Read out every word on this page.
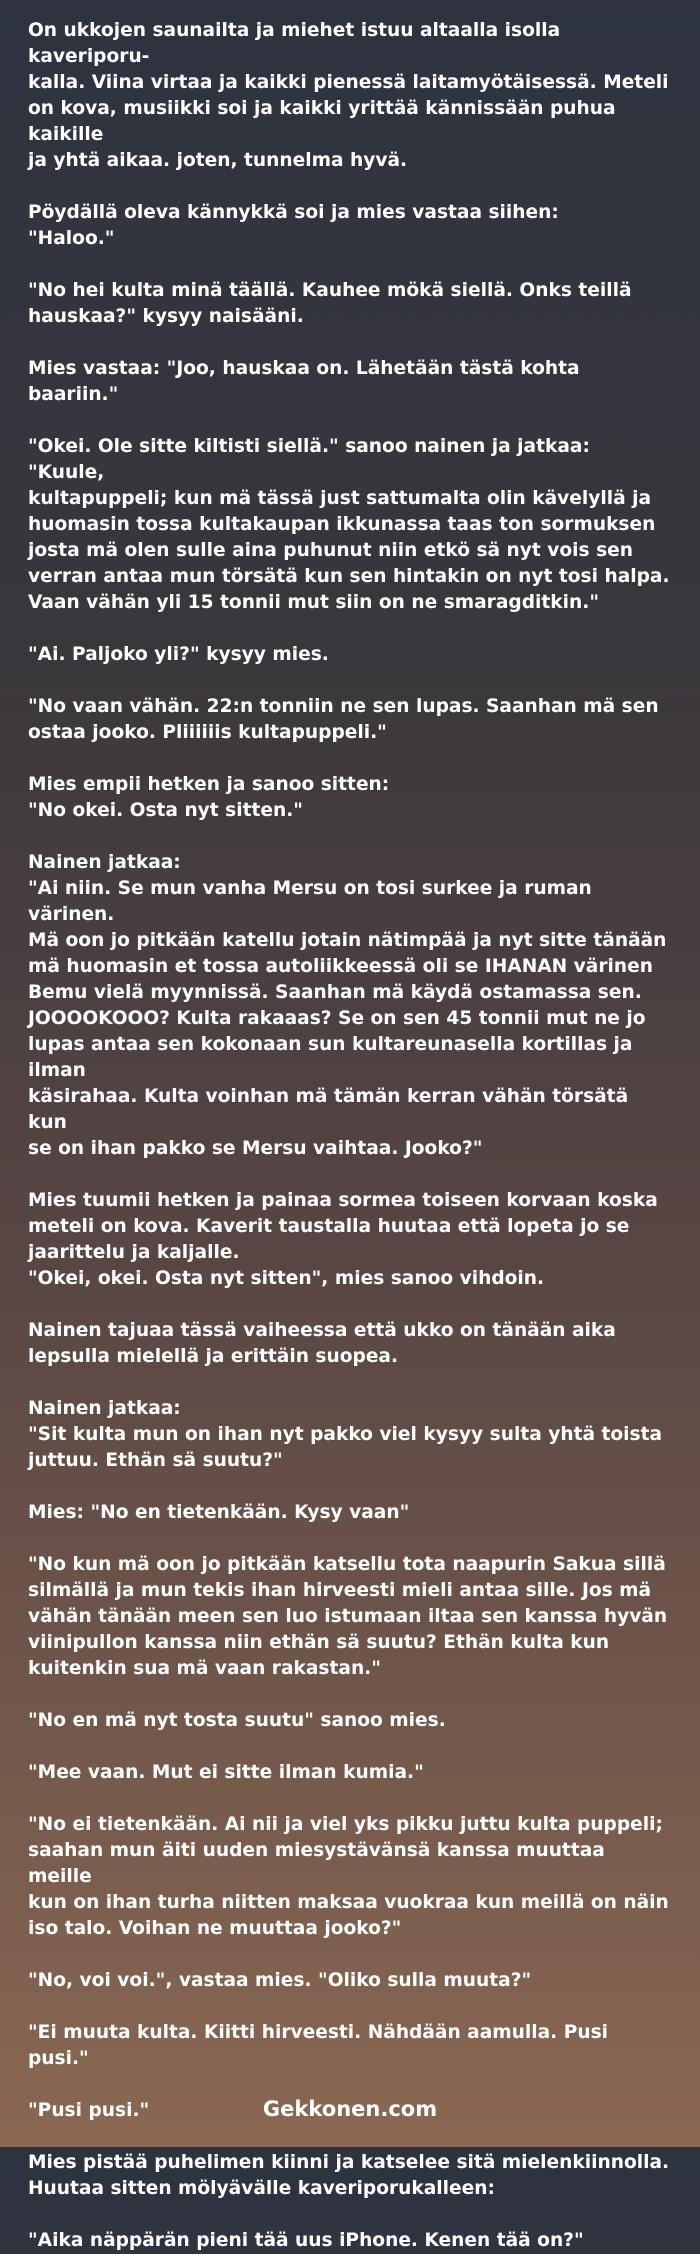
On ukkojen saunailta ja miehet istuu altaalla isolla kaveriporu-
kalla. Viina virtaa ja kaikki pienessä laitamyötäisessä. Meteli
on kova, musiikki soi ja kaikki yrittää kännissään puhua kaikille
ja yhtä aikaa. joten, tunnelma hyvä.

Pöydällä oleva kännykkä soi ja mies vastaa siihen:
"Haloo."

"No hei kulta minä täällä. Kauhee mökä siellä. Onks teillä
hauskaa?" kysyy naisääni.

Mies vastaa: "Joo, hauskaa on. Lähetään tästä kohta baariin."

"Okei. Ole sitte kiltisti siellä." sanoo nainen ja jatkaa: "Kuule,
kultapuppeli; kun mä tässä just sattumalta olin kävelyllä ja
huomasin tossa kultakaupan ikkunassa taas ton sormuksen
josta mä olen sulle aina puhunut niin etkö sä nyt vois sen
verran antaa mun törsätä kun sen hintakin on nyt tosi halpa.
Vaan vähän yli 15 tonnii mut siin on ne smaragditkin."

"Ai. Paljoko yli?" kysyy mies.

"No vaan vähän. 22:n tonniin ne sen lupas. Saanhan mä sen
ostaa jooko. Pliiiiiis kultapuppeli."

Mies empii hetken ja sanoo sitten:
"No okei. Osta nyt sitten."

Nainen jatkaa:
"Ai niin. Se mun vanha Mersu on tosi surkee ja ruman värinen.
Mä oon jo pitkään katellu jotain nätimpää ja nyt sitte tänään
mä huomasin et tossa autoliikkeessä oli se IHANAN värinen
Bemu vielä myynnissä. Saanhan mä käydä ostamassa sen.
JOOOOKOOO? Kulta rakaaas? Se on sen 45 tonnii mut ne jo
lupas antaa sen kokonaan sun kultareunasella kortillas ja ilman
käsirahaa. Kulta voinhan mä tämän kerran vähän törsätä kun
se on ihan pakko se Mersu vaihtaa. Jooko?"

Mies tuumii hetken ja painaa sormea toiseen korvaan koska
meteli on kova. Kaverit taustalla huutaa että lopeta jo se
jaarittelu ja kaljalle.
"Okei, okei. Osta nyt sitten", mies sanoo vihdoin.

Nainen tajuaa tässä vaiheessa että ukko on tänään aika
lepsulla mielellä ja erittäin suopea.

Nainen jatkaa:
"Sit kulta mun on ihan nyt pakko viel kysyy sulta yhtä toista
juttuu. Ethän sä suutu?"

Mies: "No en tietenkään. Kysy vaan"

"No kun mä oon jo pitkään katsellu tota naapurin Sakua sillä
silmällä ja mun tekis ihan hirveesti mieli antaa sille. Jos mä
vähän tänään meen sen luo istumaan iltaa sen kanssa hyvän
viinipullon kanssa niin ethän sä suutu? Ethän kulta kun
kuitenkin sua mä vaan rakastan."

"No en mä nyt tosta suutu" sanoo mies.

"Mee vaan. Mut ei sitte ilman kumia."

"No ei tietenkään. Ai nii ja viel yks pikku juttu kulta puppeli;
saahan mun äiti uuden miesystävänsä kanssa muuttaa meille
kun on ihan turha niitten maksaa vuokraa kun meillä on näin
iso talo. Voihan ne muuttaa jooko?"

"No, voi voi.", vastaa mies. "Oliko sulla muuta?"

"Ei muuta kulta. Kiitti hirveesti. Nähdään aamulla. Pusi pusi."

"Pusi pusi."

Mies pistää puhelimen kiinni ja katselee sitä mielenkiinnolla.
Huutaa sitten mölyävälle kaveriporukalleen:

"Aika näppärän pieni tää uus iPhone. Kenen tää on?"

Gekkonen.com
